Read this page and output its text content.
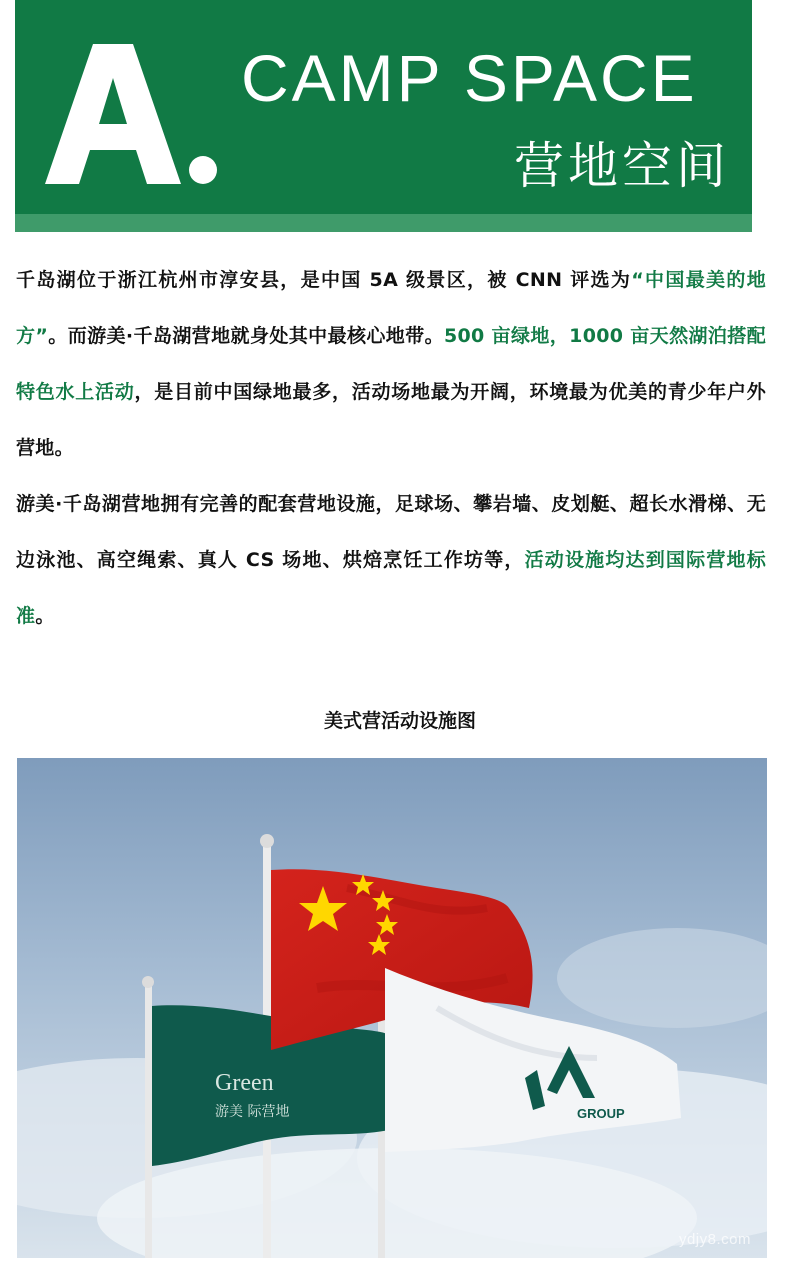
CAMP SPACE
营地空间

千岛湖位于浙江杭州市淳安县，是中国 5A 级景区，被 CNN 评选为“中国最美的地方”。而游美·千岛湖营地就身处其中最核心地带。500 亩绿地，1000 亩天然湖泊搭配特色水上活动，是目前中国绿地最多，活动场地最为开阔，环境最为优美的青少年户外营地。

游美·千岛湖营地拥有完善的配套营地设施，足球场、攀岩墙、皮划艇、超长水滑梯、无边泳池、高空绳索、真人 CS 场地、烘焙烹饪工作坊等，活动设施均达到国际营地标准。

美式营活动设施图
Green
游美 际营地	GROUP
ydjy8.com
